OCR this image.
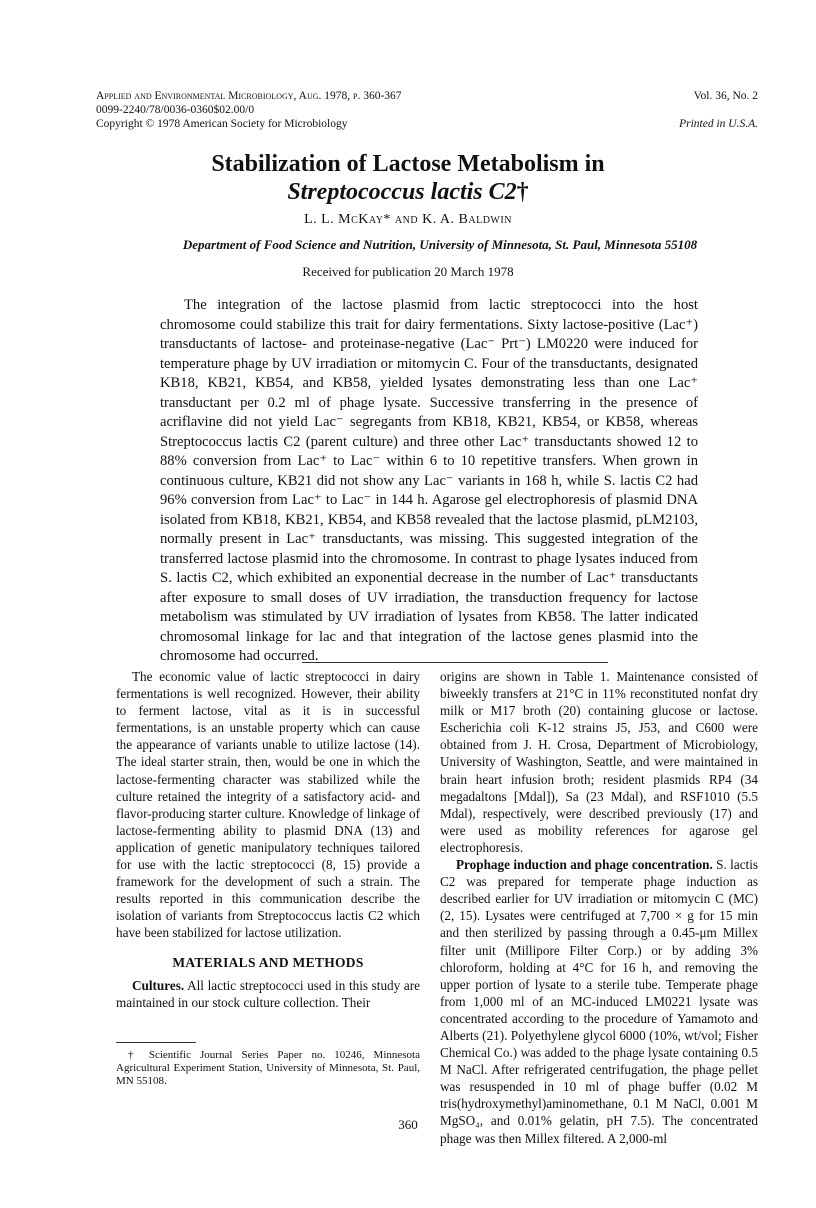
Applied and Environmental Microbiology, Aug. 1978, p. 360-367
0099-2240/78/0036-0360$02.00/0
Copyright © 1978 American Society for Microbiology
Vol. 36, No. 2
Printed in U.S.A.
Stabilization of Lactose Metabolism in
Streptococcus lactis C2†
L. L. McKay* and K. A. Baldwin
Department of Food Science and Nutrition, University of Minnesota, St. Paul, Minnesota 55108
Received for publication 20 March 1978
The integration of the lactose plasmid from lactic streptococci into the host chromosome could stabilize this trait for dairy fermentations. Sixty lactose-positive (Lac⁺) transductants of lactose- and proteinase-negative (Lac⁻ Prt⁻) LM0220 were induced for temperature phage by UV irradiation or mitomycin C. Four of the transductants, designated KB18, KB21, KB54, and KB58, yielded lysates demonstrating less than one Lac⁺ transductant per 0.2 ml of phage lysate. Successive transferring in the presence of acriflavine did not yield Lac⁻ segregants from KB18, KB21, KB54, or KB58, whereas Streptococcus lactis C2 (parent culture) and three other Lac⁺ transductants showed 12 to 88% conversion from Lac⁺ to Lac⁻ within 6 to 10 repetitive transfers. When grown in continuous culture, KB21 did not show any Lac⁻ variants in 168 h, while S. lactis C2 had 96% conversion from Lac⁺ to Lac⁻ in 144 h. Agarose gel electrophoresis of plasmid DNA isolated from KB18, KB21, KB54, and KB58 revealed that the lactose plasmid, pLM2103, normally present in Lac⁺ transductants, was missing. This suggested integration of the transferred lactose plasmid into the chromosome. In contrast to phage lysates induced from S. lactis C2, which exhibited an exponential decrease in the number of Lac⁺ transductants after exposure to small doses of UV irradiation, the transduction frequency for lactose metabolism was stimulated by UV irradiation of lysates from KB58. The latter indicated chromosomal linkage for lac and that integration of the lactose genes plasmid into the chromosome had occurred.

The economic value of lactic streptococci in dairy fermentations is well recognized. However, their ability to ferment lactose, vital as it is in successful fermentations, is an unstable property which can cause the appearance of variants unable to utilize lactose (14). The ideal starter strain, then, would be one in which the lactose-fermenting character was stabilized while the culture retained the integrity of a satisfactory acid- and flavor-producing starter culture. Knowledge of linkage of lactose-fermenting ability to plasmid DNA (13) and application of genetic manipulatory techniques tailored for use with the lactic streptococci (8, 15) provide a framework for the development of such a strain. The results reported in this communication describe the isolation of variants from Streptococcus lactis C2 which have been stabilized for lactose utilization.

MATERIALS AND METHODS

Cultures. All lactic streptococci used in this study are maintained in our stock culture collection. Their

† Scientific Journal Series Paper no. 10246, Minnesota Agricultural Experiment Station, University of Minnesota, St. Paul, MN 55108.

origins are shown in Table 1. Maintenance consisted of biweekly transfers at 21°C in 11% reconstituted nonfat dry milk or M17 broth (20) containing glucose or lactose. Escherichia coli K-12 strains J5, J53, and C600 were obtained from J. H. Crosa, Department of Microbiology, University of Washington, Seattle, and were maintained in brain heart infusion broth; resident plasmids RP4 (34 megadaltons [Mdal]), Sa (23 Mdal), and RSF1010 (5.5 Mdal), respectively, were described previously (17) and were used as mobility references for agarose gel electrophoresis.

Prophage induction and phage concentration. S. lactis C2 was prepared for temperate phage induction as described earlier for UV irradiation or mitomycin C (MC) (2, 15). Lysates were centrifuged at 7,700 × g for 15 min and then sterilized by passing through a 0.45-μm Millex filter unit (Millipore Filter Corp.) or by adding 3% chloroform, holding at 4°C for 16 h, and removing the upper portion of lysate to a sterile tube. Temperate phage from 1,000 ml of an MC-induced LM0221 lysate was concentrated according to the procedure of Yamamoto and Alberts (21). Polyethylene glycol 6000 (10%, wt/vol; Fisher Chemical Co.) was added to the phage lysate containing 0.5 M NaCl. After refrigerated centrifugation, the phage pellet was resuspended in 10 ml of phage buffer (0.02 M tris(hydroxymethyl)aminomethane, 0.1 M NaCl, 0.001 M MgSO₄, and 0.01% gelatin, pH 7.5). The concentrated phage was then Millex filtered. A 2,000-ml

360
